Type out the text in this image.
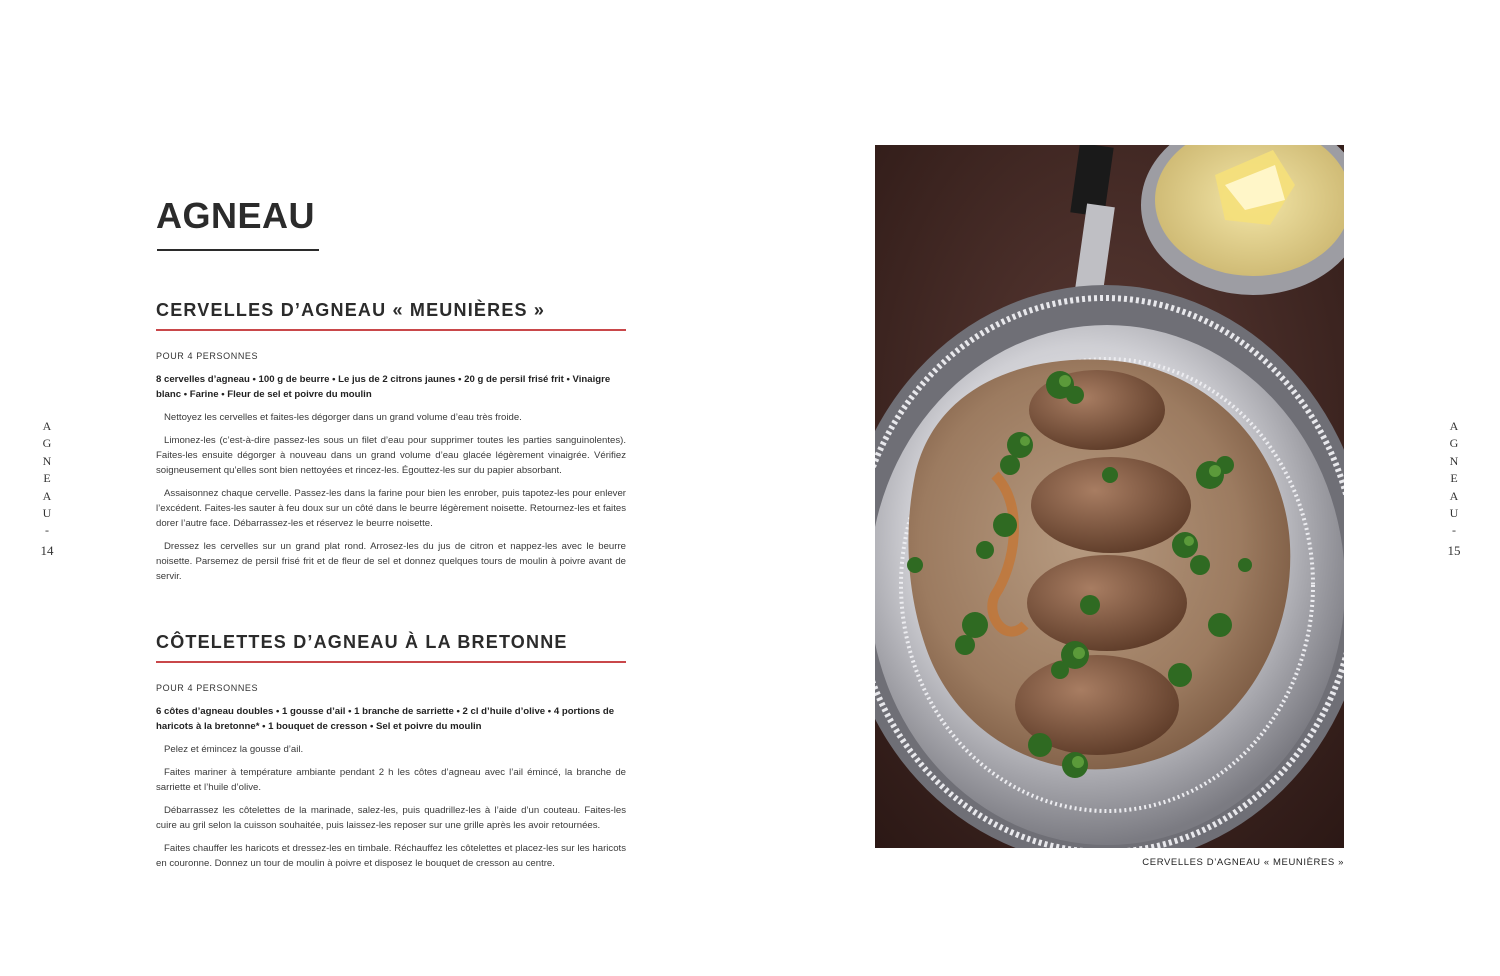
AGNEAU
CERVELLES D’AGNEAU « MEUNIÈRES »
POUR 4 PERSONNES
8 cervelles d’agneau • 100 g de beurre • Le jus de 2 citrons jaunes • 20 g de persil frisé frit • Vinaigre blanc • Farine • Fleur de sel et poivre du moulin

Nettoyez les cervelles et faites-les dégorger dans un grand volume d’eau très froide.

Limonez-les (c’est-à-dire passez-les sous un filet d’eau pour supprimer toutes les parties sanguinolentes). Faites-les ensuite dégorger à nouveau dans un grand volume d’eau glacée légèrement vinaigrée. Vérifiez soigneusement qu’elles sont bien nettoyées et rincez-les. Égouttez-les sur du papier absorbant.

Assaisonnez chaque cervelle. Passez-les dans la farine pour bien les enrober, puis tapotez-les pour enlever l’excédent. Faites-les sauter à feu doux sur un côté dans le beurre légèrement noisette. Retournez-les et faites dorer l’autre face. Débarrassez-les et réservez le beurre noisette.

Dressez les cervelles sur un grand plat rond. Arrosez-les du jus de citron et nappez-les avec le beurre noisette. Parsemez de persil frisé frit et de fleur de sel et donnez quelques tours de moulin à poivre avant de servir.

CÔTELETTES D’AGNEAU À LA BRETONNE
POUR 4 PERSONNES
6 côtes d’agneau doubles • 1 gousse d’ail • 1 branche de sarriette • 2 cl d’huile d’olive • 4 portions de haricots à la bretonne* • 1 bouquet de cresson • Sel et poivre du moulin

Pelez et émincez la gousse d’ail.

Faites mariner à température ambiante pendant 2 h les côtes d’agneau avec l’ail émincé, la branche de sarriette et l’huile d’olive.

Débarrassez les côtelettes de la marinade, salez-les, puis quadrillez-les à l’aide d’un couteau. Faites-les cuire au gril selon la cuisson souhaitée, puis laissez-les reposer sur une grille après les avoir retournées.

Faites chauffer les haricots et dressez-les en timbale. Réchauffez les côtelettes et placez-les sur les haricots en couronne. Donnez un tour de moulin à poivre et disposez le bouquet de cresson au centre.

A
G
N
E
A
U
-
14
A
G
N
E
A
U
-
15
CERVELLES D’AGNEAU « MEUNIÈRES »
